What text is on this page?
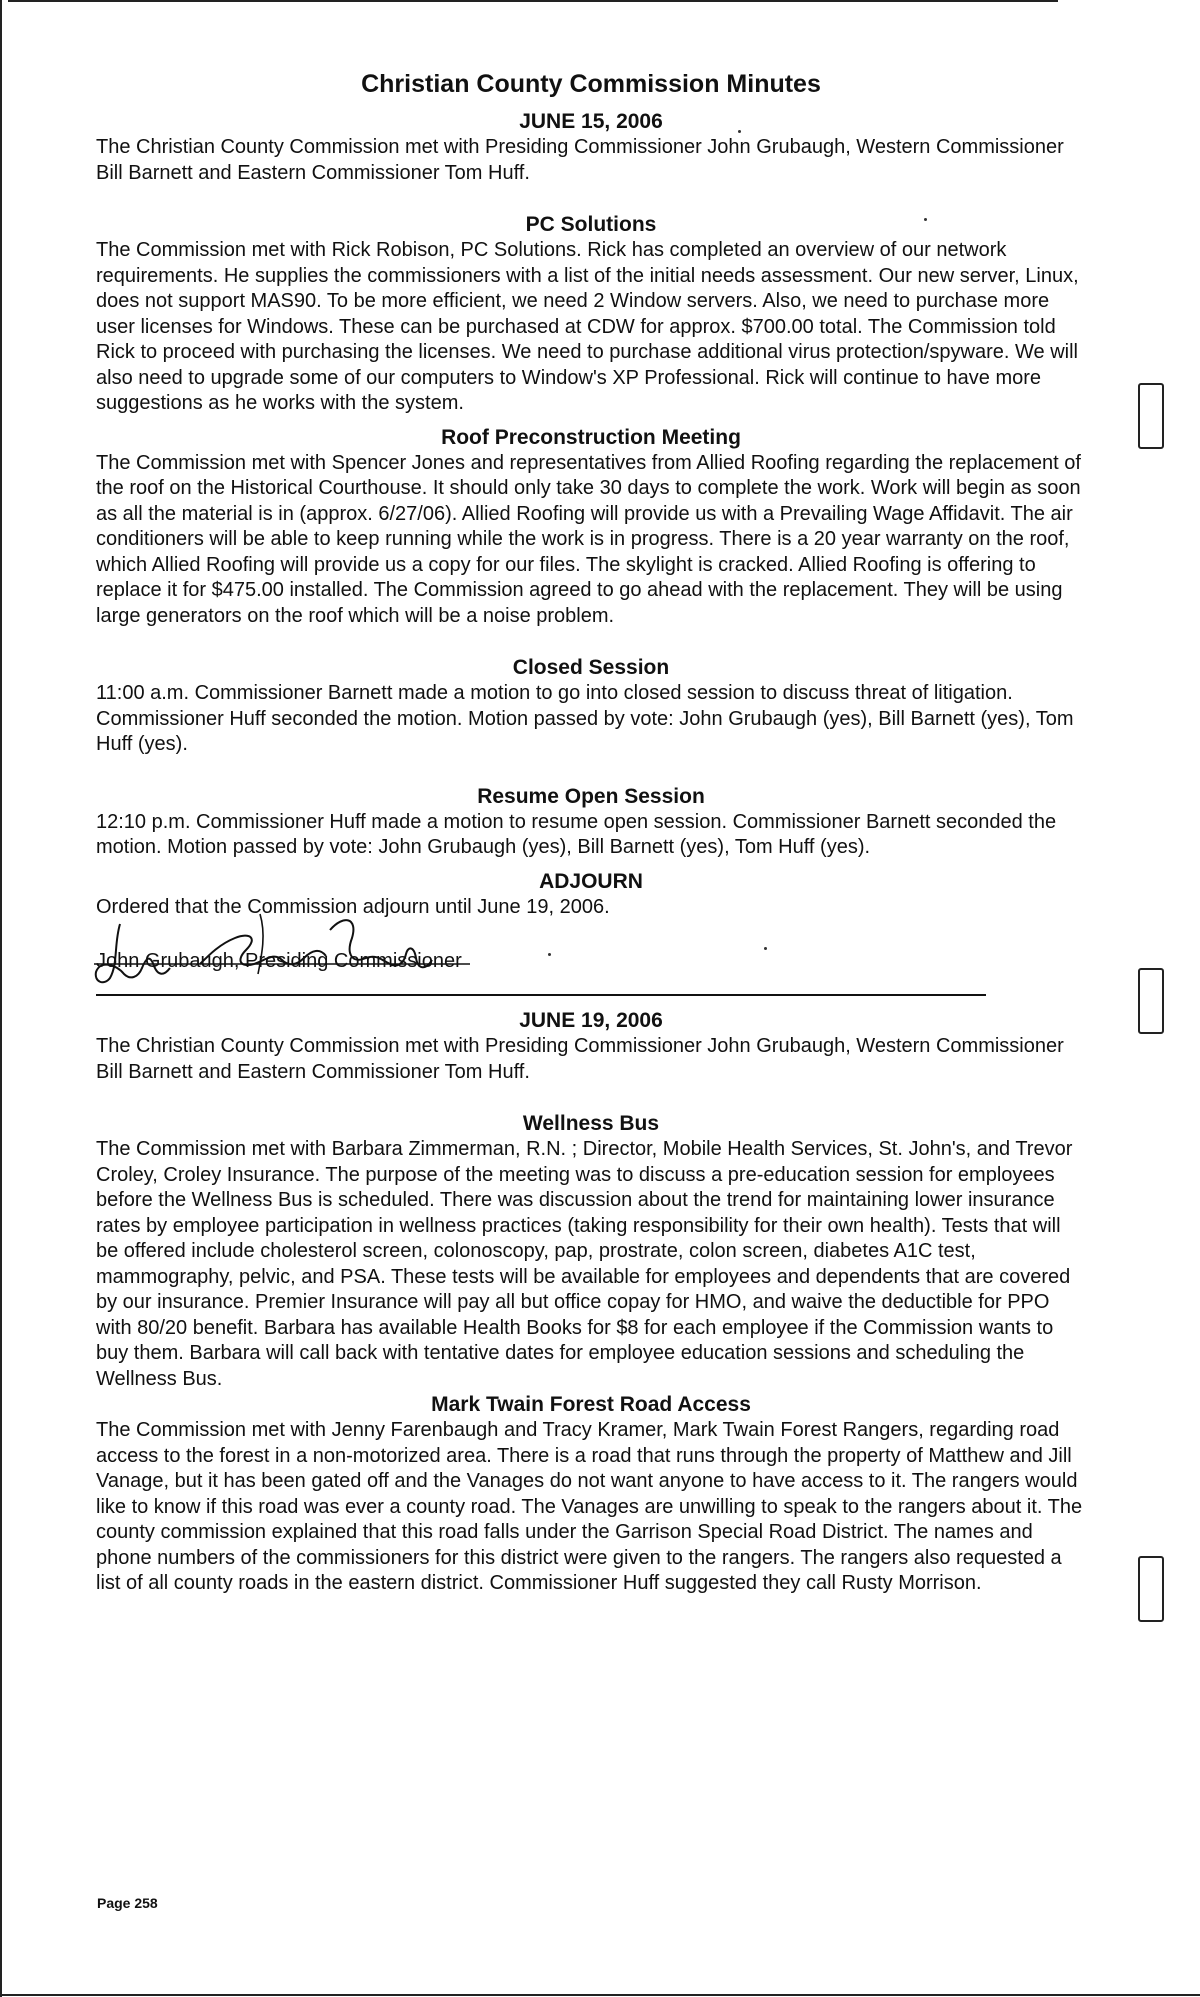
Christian County Commission Minutes
JUNE 15, 2006

The Christian County Commission met with Presiding Commissioner John Grubaugh, Western Commissioner Bill Barnett and Eastern Commissioner Tom Huff.

PC Solutions

The Commission met with Rick Robison, PC Solutions. Rick has completed an overview of our network requirements. He supplies the commissioners with a list of the initial needs assessment. Our new server, Linux, does not support MAS90. To be more efficient, we need 2 Window servers. Also, we need to purchase more user licenses for Windows. These can be purchased at CDW for approx. $700.00 total. The Commission told Rick to proceed with purchasing the licenses. We need to purchase additional virus protection/spyware. We will also need to upgrade some of our computers to Window's XP Professional. Rick will continue to have more suggestions as he works with the system.

Roof Preconstruction Meeting

The Commission met with Spencer Jones and representatives from Allied Roofing regarding the replacement of the roof on the Historical Courthouse. It should only take 30 days to complete the work. Work will begin as soon as all the material is in (approx. 6/27/06). Allied Roofing will provide us with a Prevailing Wage Affidavit. The air conditioners will be able to keep running while the work is in progress. There is a 20 year warranty on the roof, which Allied Roofing will provide us a copy for our files. The skylight is cracked. Allied Roofing is offering to replace it for $475.00 installed. The Commission agreed to go ahead with the replacement. They will be using large generators on the roof which will be a noise problem.

Closed Session

11:00 a.m. Commissioner Barnett made a motion to go into closed session to discuss threat of litigation. Commissioner Huff seconded the motion. Motion passed by vote: John Grubaugh (yes), Bill Barnett (yes), Tom Huff (yes).

Resume Open Session

12:10 p.m. Commissioner Huff made a motion to resume open session. Commissioner Barnett seconded the motion. Motion passed by vote: John Grubaugh (yes), Bill Barnett (yes), Tom Huff (yes).

ADJOURN

Ordered that the Commission adjourn until June 19, 2006.

John Grubaugh, Presiding Commissioner
JUNE 19, 2006

The Christian County Commission met with Presiding Commissioner John Grubaugh, Western Commissioner Bill Barnett and Eastern Commissioner Tom Huff.

Wellness Bus

The Commission met with Barbara Zimmerman, R.N. ; Director, Mobile Health Services, St. John's, and Trevor Croley, Croley Insurance. The purpose of the meeting was to discuss a pre-education session for employees before the Wellness Bus is scheduled. There was discussion about the trend for maintaining lower insurance rates by employee participation in wellness practices (taking responsibility for their own health). Tests that will be offered include cholesterol screen, colonoscopy, pap, prostrate, colon screen, diabetes A1C test, mammography, pelvic, and PSA. These tests will be available for employees and dependents that are covered by our insurance. Premier Insurance will pay all but office copay for HMO, and waive the deductible for PPO with 80/20 benefit. Barbara has available Health Books for $8 for each employee if the Commission wants to buy them. Barbara will call back with tentative dates for employee education sessions and scheduling the Wellness Bus.

Mark Twain Forest Road Access

The Commission met with Jenny Farenbaugh and Tracy Kramer, Mark Twain Forest Rangers, regarding road access to the forest in a non-motorized area. There is a road that runs through the property of Matthew and Jill Vanage, but it has been gated off and the Vanages do not want anyone to have access to it. The rangers would like to know if this road was ever a county road. The Vanages are unwilling to speak to the rangers about it. The county commission explained that this road falls under the Garrison Special Road District. The names and phone numbers of the commissioners for this district were given to the rangers. The rangers also requested a list of all county roads in the eastern district. Commissioner Huff suggested they call Rusty Morrison.

Page 258
